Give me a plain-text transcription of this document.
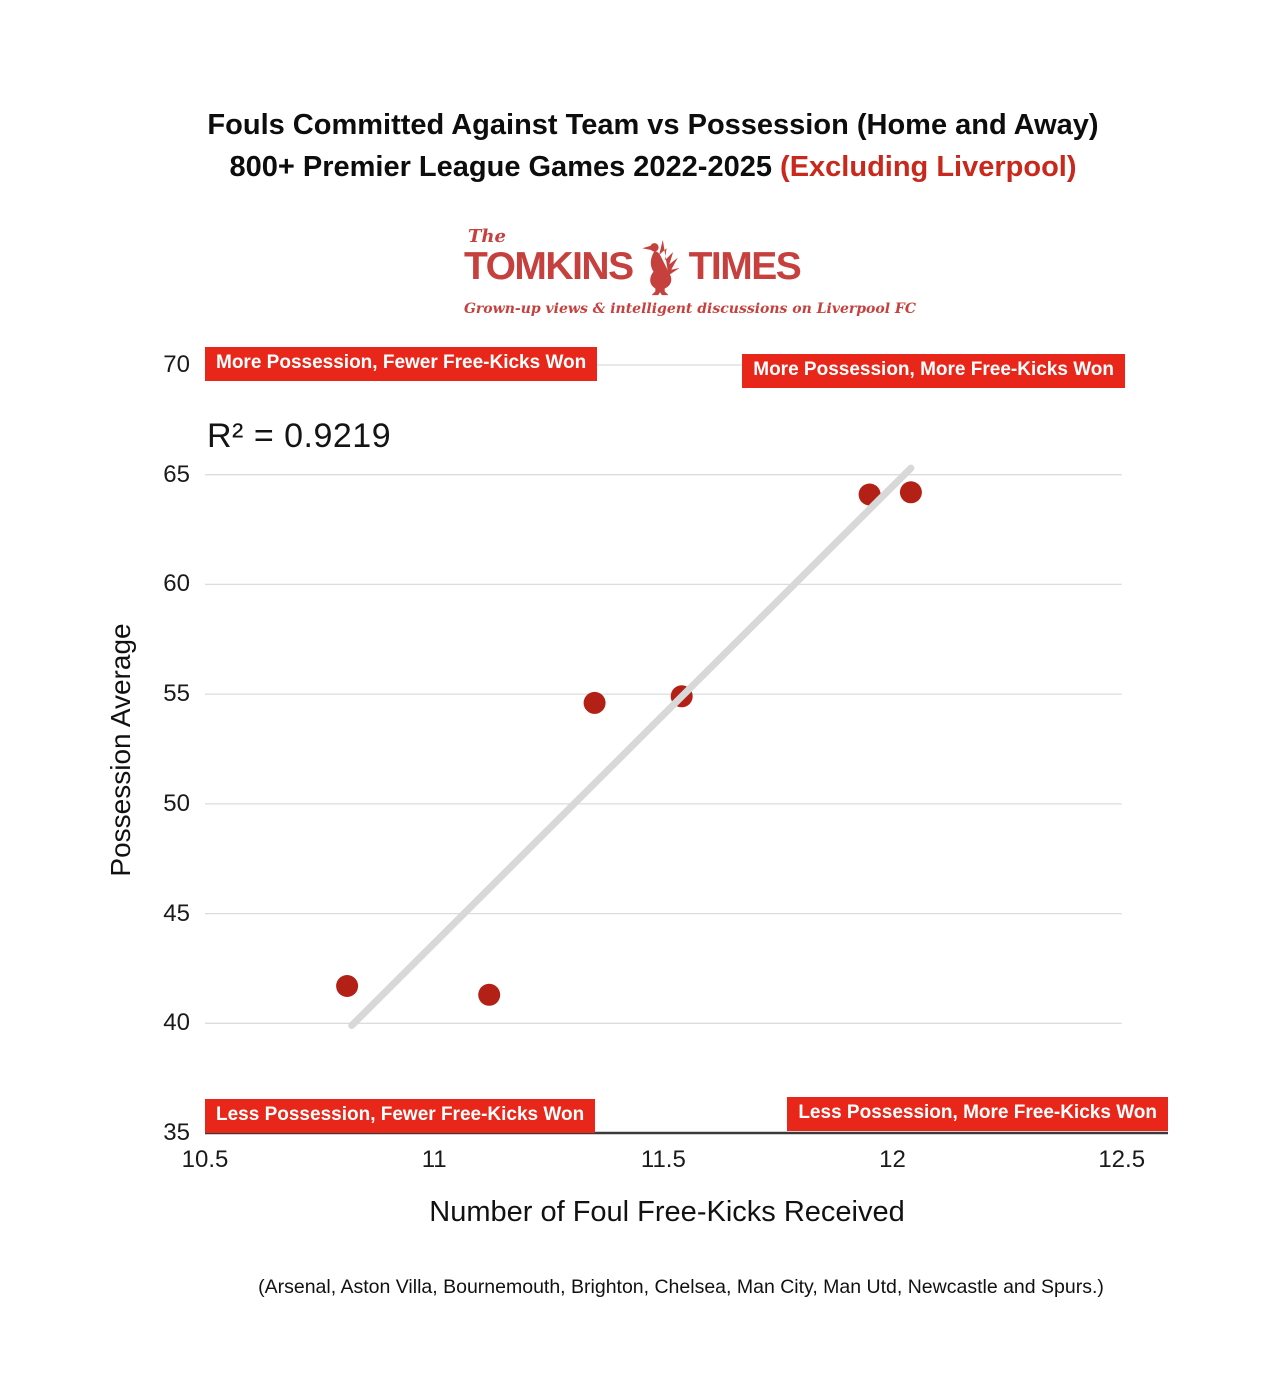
Fouls Committed Against Team vs Possession (Home and Away)
800+ Premier League Games 2022-2025 (Excluding Liverpool)
The
TOMKINS TIMES
Grown-up views & intelligent discussions on Liverpool FC
R² = 0.9219
70
65
60
55
50
45
40
35
10.5	11	11.5	12	12.5
Possession Average
Number of Foul Free-Kicks Received
More Possession, Fewer Free-Kicks Won	More Possession, More Free-Kicks Won
Less Possession, Fewer Free-Kicks Won	Less Possession, More Free-Kicks Won
(Arsenal, Aston Villa, Bournemouth, Brighton, Chelsea, Man City, Man Utd, Newcastle and Spurs.)
